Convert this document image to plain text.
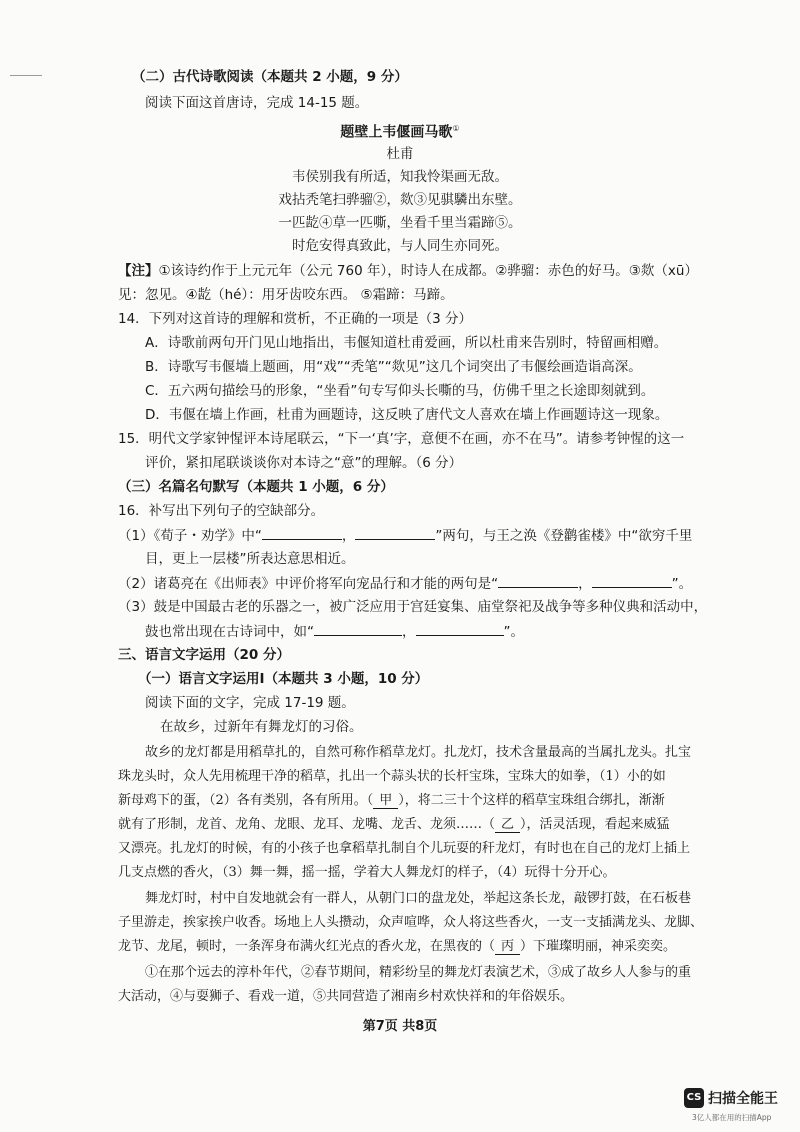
（二）古代诗歌阅读（本题共 2 小题，9 分）
阅读下面这首唐诗，完成 14-15 题。
题壁上韦偃画马歌①
杜甫
韦侯别我有所适，知我怜渠画无敌。
戏拈秃笔扫骅骝②，欻③见骐驎出东壁。
一匹龁④草一匹嘶，坐看千里当霜蹄⑤。
时危安得真致此，与人同生亦同死。
【注】①该诗约作于上元元年（公元 760 年），时诗人在成都。②骅骝：赤色的好马。③欻（xū）
见：忽见。④龁（hé）：用牙齿咬东西。 ⑤霜蹄：马蹄。
14．下列对这首诗的理解和赏析，不正确的一项是（3 分）
A．诗歌前两句开门见山地指出，韦偃知道杜甫爱画，所以杜甫来告别时，特留画相赠。
B．诗歌写韦偃墙上题画，用“戏”“秃笔”“欻见”这几个词突出了韦偃绘画造诣高深。
C．五六两句描绘马的形象，“坐看”句专写仰头长嘶的马，仿佛千里之长途即刻就到。
D．韦偃在墙上作画，杜甫为画题诗，这反映了唐代文人喜欢在墙上作画题诗这一现象。
15．明代文学家钟惺评本诗尾联云，“下一‘真’字，意便不在画，亦不在马”。请参考钟惺的这一
评价，紧扣尾联谈谈你对本诗之“意”的理解。（6 分）
（三）名篇名句默写（本题共 1 小题，6 分）
16．补写出下列句子的空缺部分。
（1）《荀子・劝学》中“	，	”两句，与王之涣《登鹳雀楼》中“欲穷千里
目，更上一层楼”所表达意思相近。
（2）诸葛亮在《出师表》中评价将军向宠品行和才能的两句是“	，	”。
（3）鼓是中国最古老的乐器之一，被广泛应用于宫廷宴集、庙堂祭祀及战争等多种仪典和活动中，
鼓也常出现在古诗词中，如“	，	”。
三、语言文字运用（20 分）
（一）语言文字运用Ⅰ（本题共 3 小题，10 分）
阅读下面的文字，完成 17-19 题。
在故乡，过新年有舞龙灯的习俗。
故乡的龙灯都是用稻草扎的，自然可称作稻草龙灯。扎龙灯，技术含量最高的当属扎龙头。扎宝
珠龙头时，众人先用梳理干净的稻草，扎出一个蒜头状的长杆宝珠，宝珠大的如拳，（1）小的如
新母鸡下的蛋，（2）各有类别，各有所用。（ 甲 ），将二三十个这样的稻草宝珠组合绑扎，渐渐
就有了形制，龙首、龙角、龙眼、龙耳、龙嘴、龙舌、龙须……（ 乙 ），活灵活现，看起来威猛
又漂亮。扎龙灯的时候，有的小孩子也拿稻草扎制自个儿玩耍的秆龙灯，有时也在自己的龙灯上插上
几支点燃的香火，（3）舞一舞，摇一摇，学着大人舞龙灯的样子，（4）玩得十分开心。
舞龙灯时，村中自发地就会有一群人，从朝门口的盘龙处，举起这条长龙，敲锣打鼓，在石板巷
子里游走，挨家挨户收香。场地上人头攒动，众声喧哗，众人将这些香火，一支一支插满龙头、龙脚、
龙节、龙尾，顿时，一条浑身布满火红光点的香火龙，在黑夜的（ 丙 ）下璀璨明丽，神采奕奕。
①在那个远去的淳朴年代，②春节期间，精彩纷呈的舞龙灯表演艺术，③成了故乡人人参与的重
大活动，④与耍狮子、看戏一道，⑤共同营造了湘南乡村欢快祥和的年俗娱乐。
第7页 共8页
CS 扫描全能王
3亿人都在用的扫描App
